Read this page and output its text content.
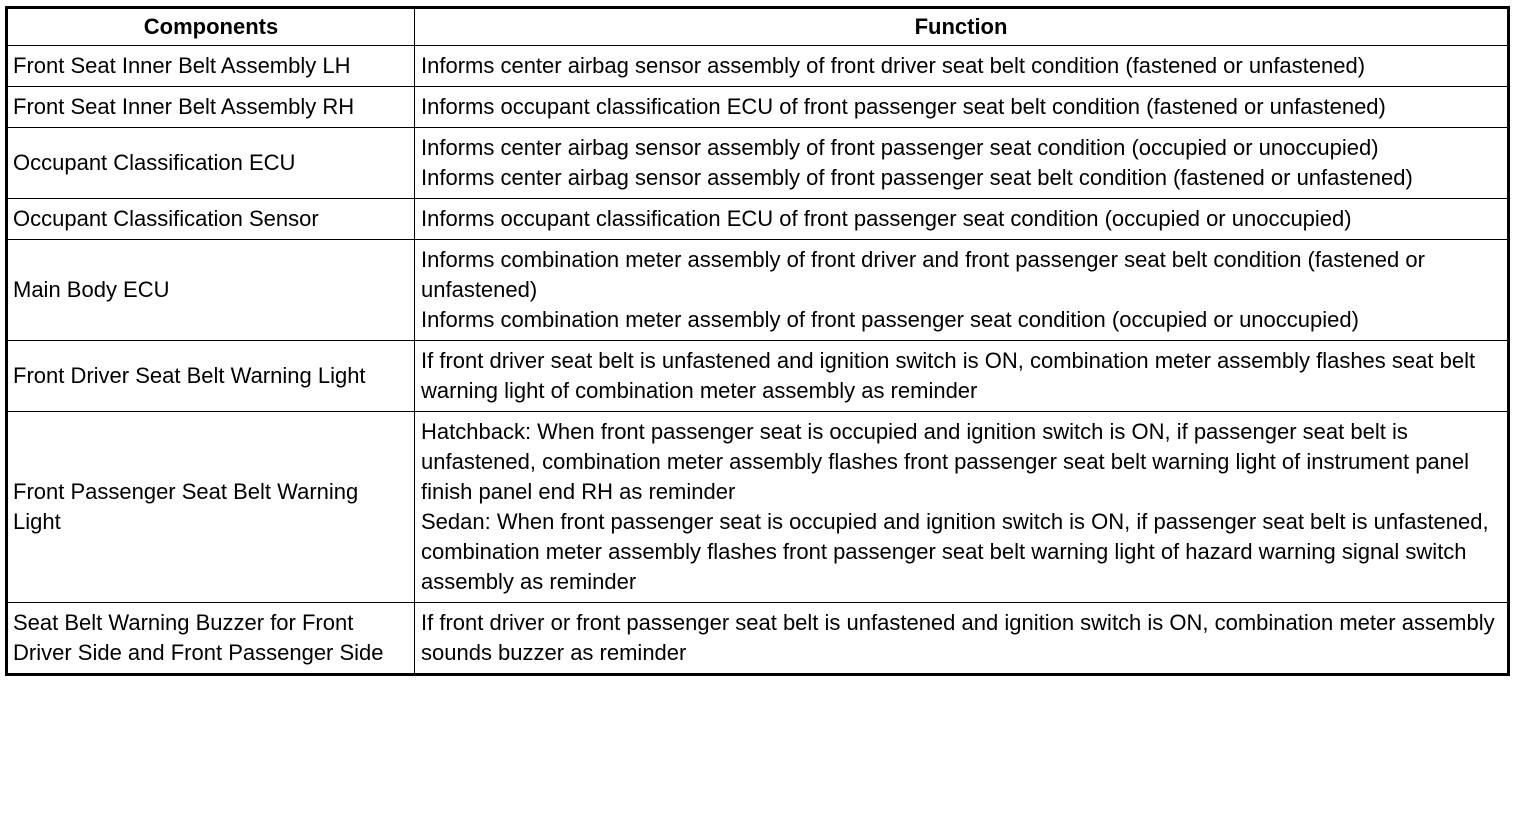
Components	Function
Front Seat Inner Belt Assembly LH	Informs center airbag sensor assembly of front driver seat belt condition (fastened or unfastened)

Front Seat Inner Belt Assembly RH	Informs occupant classification ECU of front passenger seat belt condition (fastened or unfastened)

Occupant Classification ECU	Informs center airbag sensor assembly of front passenger seat condition (occupied or unoccupied)
Informs center airbag sensor assembly of front passenger seat belt condition (fastened or unfastened)

Occupant Classification Sensor	Informs occupant classification ECU of front passenger seat condition (occupied or unoccupied)

Main Body ECU	Informs combination meter assembly of front driver and front passenger seat belt condition (fastened or unfastened)
Informs combination meter assembly of front passenger seat condition (occupied or unoccupied)

Front Driver Seat Belt Warning Light	If front driver seat belt is unfastened and ignition switch is ON, combination meter assembly flashes seat belt warning light of combination meter assembly as reminder

Front Passenger Seat Belt Warning Light	Hatchback: When front passenger seat is occupied and ignition switch is ON, if passenger seat belt is unfastened, combination meter assembly flashes front passenger seat belt warning light of instrument panel finish panel end RH as reminder
Sedan: When front passenger seat is occupied and ignition switch is ON, if passenger seat belt is unfastened, combination meter assembly flashes front passenger seat belt warning light of hazard warning signal switch assembly as reminder

Seat Belt Warning Buzzer for Front Driver Side and Front Passenger Side	If front driver or front passenger seat belt is unfastened and ignition switch is ON, combination meter assembly sounds buzzer as reminder
